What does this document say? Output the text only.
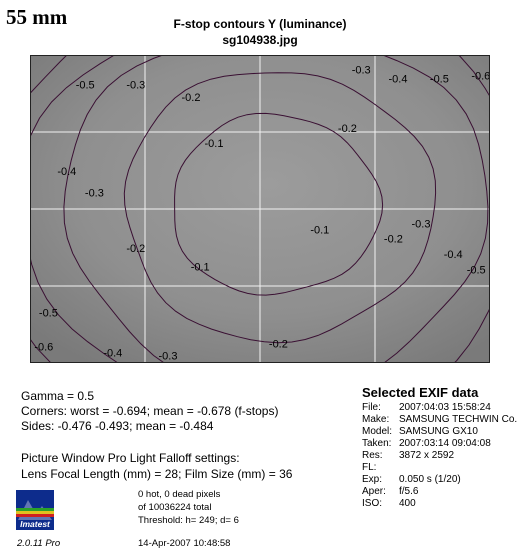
55 mm	F-stop contours Y (luminance)
sg104938.jpg
-0.1
-0.1
-0.1
-0.2
-0.2
-0.2
-0.2
-0.2
-0.3
-0.3
-0.3
-0.3
-0.3
-0.4
-0.4
-0.4
-0.4
-0.5
-0.5
-0.5
-0.5
-0.6
-0.6
Gamma = 0.5
Corners: worst = -0.694; mean = -0.678 (f-stops)
Sides: -0.476 -0.493; mean = -0.484
Picture Window Pro Light Falloff settings:
Lens Focal Length (mm) = 28; Film Size (mm) = 36
0 hot, 0 dead pixels
of 10036224 total
Threshold: h= 249; d= 6
14-Apr-2007 10:48:58
Imatest
2.0.11 Pro
Selected EXIF data
File: 2007:04:03 15:58:24
Make: SAMSUNG TECHWIN Co.
Model: SAMSUNG GX10
Taken: 2007:03:14 09:04:08
Res: 3872 x 2592
FL:
Exp: 0.050 s (1/20)
Aper: f/5.6
ISO: 400
